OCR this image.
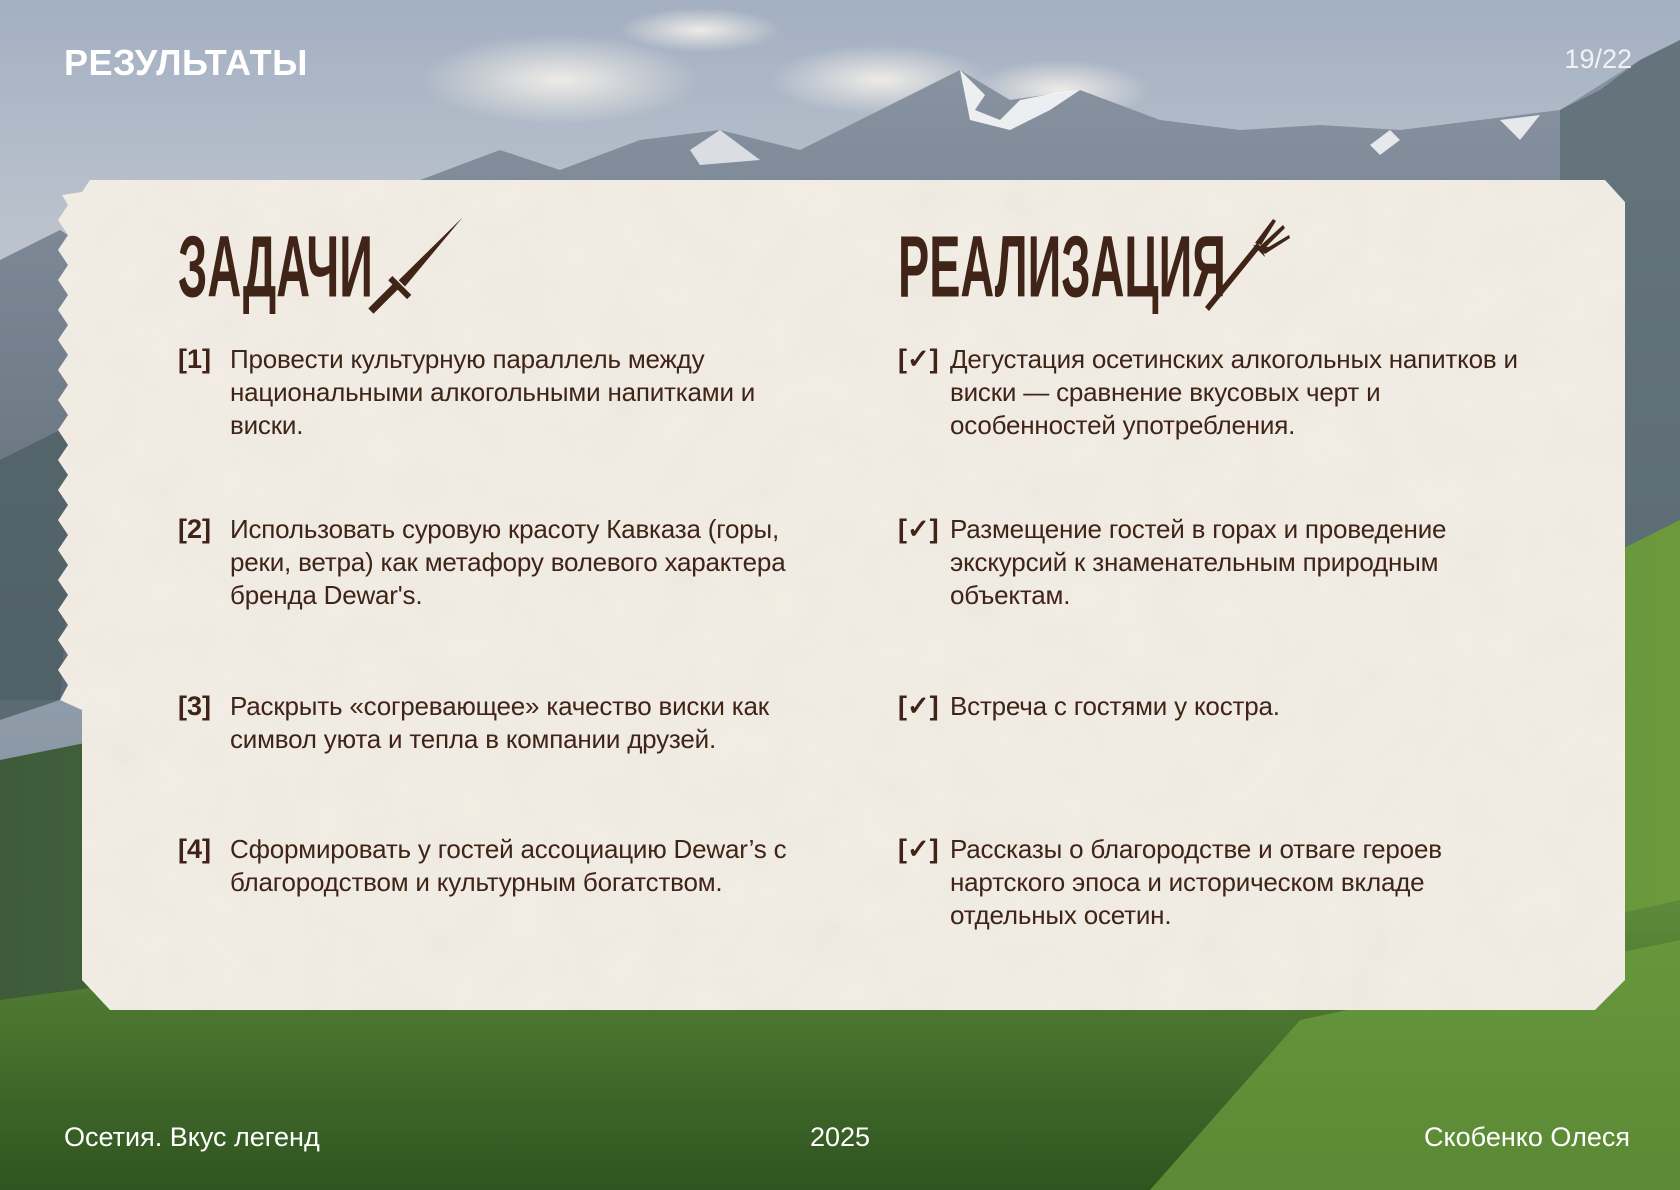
РЕЗУЛЬТАТЫ	19/22
ЗАДАЧИ
[1] Провести культурную параллель между национальными алкогольными напитками и виски.
[2] Использовать суровую красоту Кавказа (горы, реки, ветра) как метафору волевого характера бренда Dewar's.
[3] Раскрыть «согревающее» качество виски как символ уюта и тепла в компании друзей.
[4] Сформировать у гостей ассоциацию Dewar’s с благородством и культурным богатством.
РЕАЛИЗАЦИЯ
[✓] Дегустация осетинских алкогольных напитков и виски — сравнение вкусовых черт и особенностей употребления.
[✓] Размещение гостей в горах и проведение экскурсий к знаменательным природным объектам.
[✓] Встреча с гостями у костра.
[✓] Рассказы о благородстве и отваге героев нартского эпоса и историческом вкладе отдельных осетин.
Осетия. Вкус легенд	2025	Скобенко Олеся
